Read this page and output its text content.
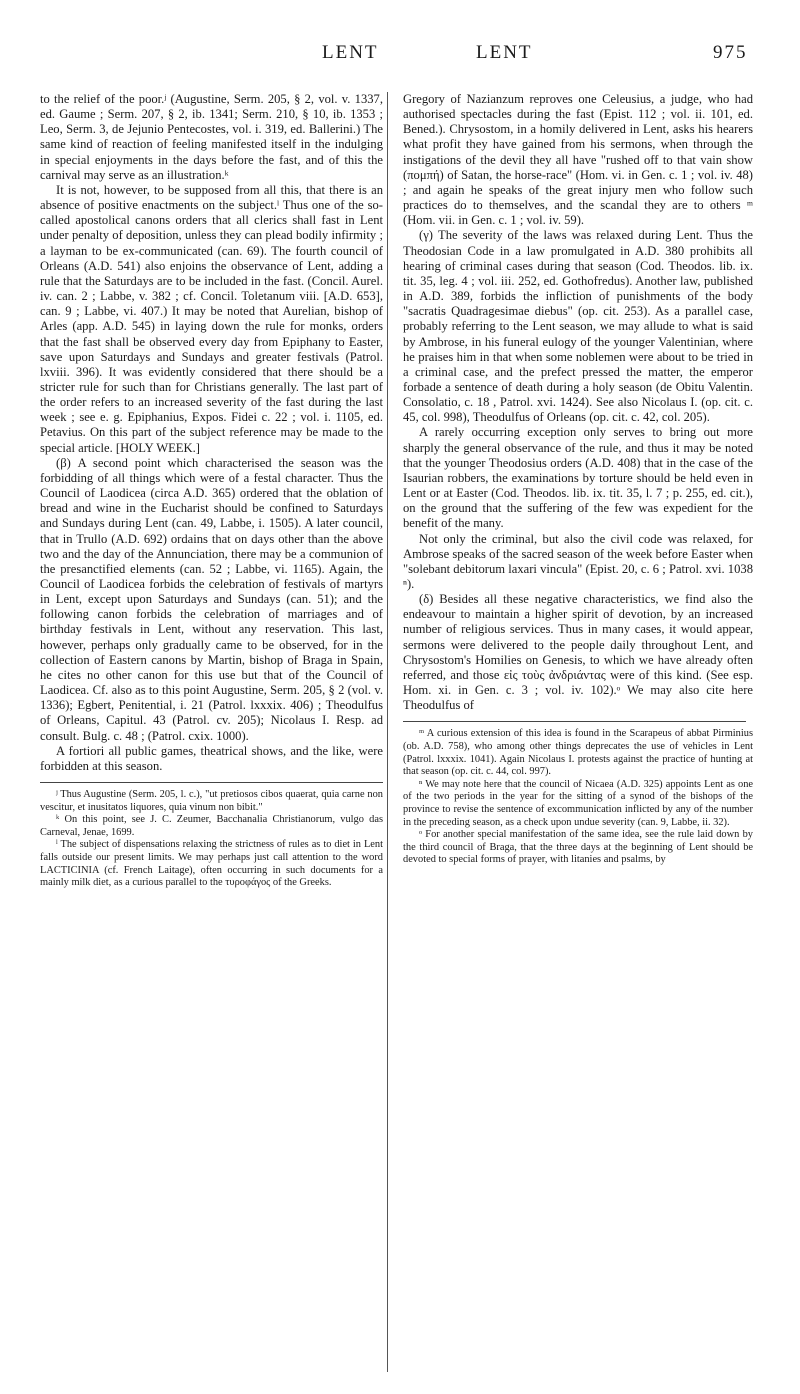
LENT	LENT	975

to the relief of the poor.ʲ (Augustine, Serm. 205, § 2, vol. v. 1337, ed. Gaume ; Serm. 207, § 2, ib. 1341; Serm. 210, § 10, ib. 1353 ; Leo, Serm. 3, de Jejunio Pentecostes, vol. i. 319, ed. Ballerini.) The same kind of reaction of feeling manifested itself in the indulging in special enjoyments in the days before the fast, and of this the carnival may serve as an illustration.ᵏ

It is not, however, to be supposed from all this, that there is an absence of positive enactments on the subject.ˡ Thus one of the so-called apostolical canons orders that all clerics shall fast in Lent under penalty of deposition, unless they can plead bodily infirmity ; a layman to be ex-communicated (can. 69). The fourth council of Orleans (A.D. 541) also enjoins the observance of Lent, adding a rule that the Saturdays are to be included in the fast. (Concil. Aurel. iv. can. 2 ; Labbe, v. 382 ; cf. Concil. Toletanum viii. [A.D. 653], can. 9 ; Labbe, vi. 407.) It may be noted that Aurelian, bishop of Arles (app. A.D. 545) in laying down the rule for monks, orders that the fast shall be observed every day from Epiphany to Easter, save upon Saturdays and Sundays and greater festivals (Patrol. lxviii. 396). It was evidently considered that there should be a stricter rule for such than for Christians generally. The last part of the order refers to an increased severity of the fast during the last week ; see e. g. Epiphanius, Expos. Fidei c. 22 ; vol. i. 1105, ed. Petavius. On this part of the subject reference may be made to the special article. [HOLY WEEK.]

(β) A second point which characterised the season was the forbidding of all things which were of a festal character. Thus the Council of Laodicea (circa A.D. 365) ordered that the oblation of bread and wine in the Eucharist should be confined to Saturdays and Sundays during Lent (can. 49, Labbe, i. 1505). A later council, that in Trullo (A.D. 692) ordains that on days other than the above two and the day of the Annunciation, there may be a communion of the presanctified elements (can. 52 ; Labbe, vi. 1165). Again, the Council of Laodicea forbids the celebration of festivals of martyrs in Lent, except upon Saturdays and Sundays (can. 51); and the following canon forbids the celebration of marriages and of birthday festivals in Lent, without any reservation. This last, however, perhaps only gradually came to be observed, for in the collection of Eastern canons by Martin, bishop of Braga in Spain, he cites no other canon for this use but that of the Council of Laodicea. Cf. also as to this point Augustine, Serm. 205, § 2 (vol. v. 1336); Egbert, Penitential, i. 21 (Patrol. lxxxix. 406) ; Theodulfus of Orleans, Capitul. 43 (Patrol. cv. 205); Nicolaus I. Resp. ad consult. Bulg. c. 48 ; (Patrol. cxix. 1000).

A fortiori all public games, theatrical shows, and the like, were forbidden at this season.

ʲ Thus Augustine (Serm. 205, l. c.), "ut pretiosos cibos quaerat, quia carne non vescitur, et inusitatos liquores, quia vinum non bibit."

ᵏ On this point, see J. C. Zeumer, Bacchanalia Christianorum, vulgo das Carneval, Jenae, 1699.

ˡ The subject of dispensations relaxing the strictness of rules as to diet in Lent falls outside our present limits. We may perhaps just call attention to the word LACTICINIA (cf. French Laitage), often occurring in such documents for a mainly milk diet, as a curious parallel to the τυροφάγος of the Greeks.

Gregory of Nazianzum reproves one Celeusius, a judge, who had authorised spectacles during the fast (Epist. 112 ; vol. ii. 101, ed. Bened.). Chrysostom, in a homily delivered in Lent, asks his hearers what profit they have gained from his sermons, when through the instigations of the devil they all have "rushed off to that vain show (πομπή) of Satan, the horse-race" (Hom. vi. in Gen. c. 1 ; vol. iv. 48) ; and again he speaks of the great injury men who follow such practices do to themselves, and the scandal they are to others ᵐ (Hom. vii. in Gen. c. 1 ; vol. iv. 59).

(γ) The severity of the laws was relaxed during Lent. Thus the Theodosian Code in a law promulgated in A.D. 380 prohibits all hearing of criminal cases during that season (Cod. Theodos. lib. ix. tit. 35, leg. 4 ; vol. iii. 252, ed. Gothofredus). Another law, published in A.D. 389, forbids the infliction of punishments of the body "sacratis Quadragesimae diebus" (op. cit. 253). As a parallel case, probably referring to the Lent season, we may allude to what is said by Ambrose, in his funeral eulogy of the younger Valentinian, where he praises him in that when some noblemen were about to be tried in a criminal case, and the prefect pressed the matter, the emperor forbade a sentence of death during a holy season (de Obitu Valentin. Consolatio, c. 18 , Patrol. xvi. 1424). See also Nicolaus I. (op. cit. c. 45, col. 998), Theodulfus of Orleans (op. cit. c. 42, col. 205).

A rarely occurring exception only serves to bring out more sharply the general observance of the rule, and thus it may be noted that the younger Theodosius orders (A.D. 408) that in the case of the Isaurian robbers, the examinations by torture should be held even in Lent or at Easter (Cod. Theodos. lib. ix. tit. 35, l. 7 ; p. 255, ed. cit.), on the ground that the suffering of the few was expedient for the benefit of the many.

Not only the criminal, but also the civil code was relaxed, for Ambrose speaks of the sacred season of the week before Easter when "solebant debitorum laxari vincula" (Epist. 20, c. 6 ; Patrol. xvi. 1038 ⁿ).

(δ) Besides all these negative characteristics, we find also the endeavour to maintain a higher spirit of devotion, by an increased number of religious services. Thus in many cases, it would appear, sermons were delivered to the people daily throughout Lent, and Chrysostom's Homilies on Genesis, to which we have already often referred, and those εἰς τοὺς ἀνδριάντας were of this kind. (See esp. Hom. xi. in Gen. c. 3 ; vol. iv. 102).ᵒ We may also cite here Theodulfus of

ᵐ A curious extension of this idea is found in the Scarapeus of abbat Pirminius (ob. A.D. 758), who among other things deprecates the use of vehicles in Lent (Patrol. lxxxix. 1041). Again Nicolaus I. protests against the practice of hunting at that season (op. cit. c. 44, col. 997).

ⁿ We may note here that the council of Nicaea (A.D. 325) appoints Lent as one of the two periods in the year for the sitting of a synod of the bishops of the province to revise the sentence of excommunication inflicted by any of the number in the preceding season, as a check upon undue severity (can. 9, Labbe, ii. 32).

ᵒ For another special manifestation of the same idea, see the rule laid down by the third council of Braga, that the three days at the beginning of Lent should be devoted to special forms of prayer, with litanies and psalms, by
